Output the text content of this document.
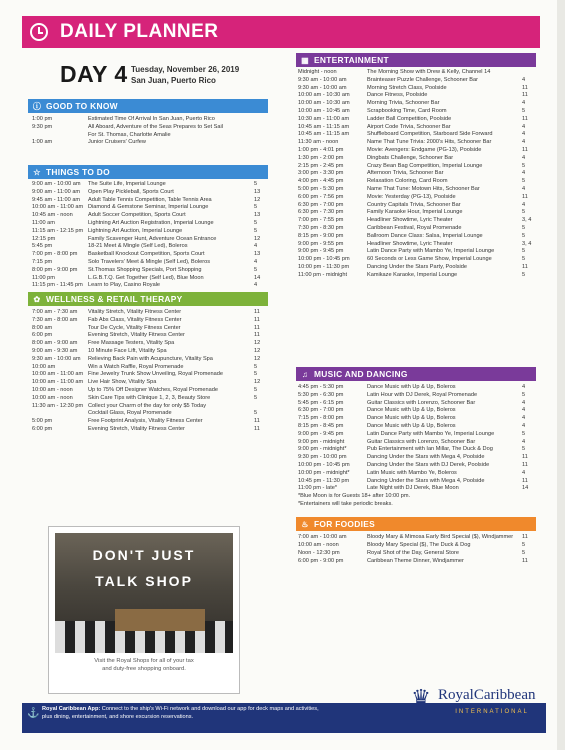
DAILY PLANNER
DAY 4 Tuesday, November 26, 2019
San Juan, Puerto Rico
ⓘ GOOD TO KNOW
1:00 pm	Estimated Time Of Arrival In San Juan, Puerto Rico
9:30 pm	All Aboard, Adventure of the Seas Prepares to Set Sail
For St. Thomas, Charlotte Amalie
1:00 am	Junior Cruisers' Curfew
☆ THINGS TO DO
9:00 am - 10:00 am	The Suite Life, Imperial Lounge	5
9:00 am - 11:00 am	Open Play Pickleball, Sports Court	13
9:45 am - 11:00 am	Adult Table Tennis Competition, Table Tennis Area	12
10:00 am - 11:00 am Diamond & Gemstone Seminar, Imperial Lounge	5
10:45 am - noon	Adult Soccer Competition, Sports Court	13
11:00 am	Lightning Art Auction Registration, Imperial Lounge	5
11:15 am - 12:15 pm Lightning Art Auction, Imperial Lounge	5
12:15 pm	Family Scavenger Hunt, Adventure Ocean Entrance	12
5:45 pm	18-21 Meet & Mingle (Self Led), Boleros	4
7:00 pm - 8:00 pm	Basketball Knockout Competition, Sports Court	13
7:15 pm	Solo Travelers' Meet & Mingle (Self Led), Boleros	4
8:00 pm - 9:00 pm	St.Thomas Shopping Specials, Port Shopping	5
11:00 pm	L.G.B.T.Q. Get Together (Self Led), Blue Moon	14
11:15 pm - 11:45 pm Learn to Play, Casino Royale	4
✿ WELLNESS & RETAIL THERAPY
7:00 am - 7:30 am	Vitality Stretch, Vitality Fitness Center	11
7:30 am - 8:00 am	Fab Abs Class, Vitality Fitness Center	11
8:00 am	Tour De Cycle, Vitality Fitness Center	11
6:00 pm	Evening Stretch, Vitality Fitness Center	11
8:00 am - 9:00 am	Free Massage Testers, Vitality Spa	12
9:00 am - 9:30 am	10 Minute Face Lift, Vitality Spa	12
9:30 am - 10:00 am	Relieving Back Pain with Acupuncture, Vitality Spa	12
10:00 am	Win a Watch Raffle, Royal Promenade	5
10:00 am - 11:00 am Fine Jewelry Trunk Show Unveiling, Royal Promenade	5
10:00 am - 11:00 am Live Hair Show, Vitality Spa	12
10:00 am - noon	Up to 75% Off Designer Watches, Royal Promenade	5
10:00 am - noon	Skin Care Tips with Clinique 1, 2, 3, Beauty Store	5
11:30 am - 12:30 pm Collect your Charm of the day for only $5 Today
Cocktail Glass, Royal Promenade	5
5:00 pm	Free Footprint Analysis, Vitality Fitness Center	11
6:00 pm	Evening Stretch, Vitality Fitness Center	11
DON'T JUST
TALK SHOP
Visit the Royal Shops for all of your tax
and duty-free shopping onboard.
▦ ENTERTAINMENT
Midnight - noon	The Morning Show with Drew & Kelly, Channel 14
9:30 am - 10:00 am	Brainteaser Puzzle Challenge, Schooner Bar	4
9:30 am - 10:00 am	Morning Stretch Class, Poolside	11
10:00 am - 10:30 am	Dance Fitness, Poolside	11
10:00 am - 10:30 am	Morning Trivia, Schooner Bar	4
10:00 am - 10:45 am	Scrapbooking Time, Card Room	5
10:30 am - 11:00 am	Ladder Ball Competition, Poolside	11
10:45 am - 11:15 am	Airport Code Trivia, Schooner Bar	4
10:45 am - 11:15 am	Shuffleboard Competition, Starboard Side Forward	4
11:30 am - noon	Name That Tune Trivia: 2000's Hits, Schooner Bar	4
1:00 pm - 4:01 pm	Movie: Avengers: Endgame (PG-13), Poolside	11
1:30 pm - 2:00 pm	Dingbats Challenge, Schooner Bar	4
2:15 pm - 2:45 pm	Crazy Bean Bag Competition, Imperial Lounge	5
3:00 pm - 3:30 pm	Afternoon Trivia, Schooner Bar	4
4:00 pm - 4:45 pm	Relaxation Coloring, Card Room	5
5:00 pm - 5:30 pm	Name That Tune: Motown Hits, Schooner Bar	4
6:00 pm - 7:56 pm	Movie: Yesterday (PG-13), Poolside	11
6:30 pm - 7:00 pm	Country Capitals Trivia, Schooner Bar	4
6:30 pm - 7:30 pm	Family Karaoke Hour, Imperial Lounge	5
7:00 pm - 7:55 pm	Headliner Showtime, Lyric Theater	3, 4
7:30 pm - 8:30 pm	Caribbean Festival, Royal Promenade	5
8:15 pm - 9:00 pm	Ballroom Dance Class: Salsa, Imperial Lounge	5
9:00 pm - 9:55 pm	Headliner Showtime, Lyric Theater	3, 4
9:00 pm - 9:45 pm	Latin Dance Party with Mambo Ye, Imperial Lounge	5
10:00 pm - 10:45 pm	60 Seconds or Less Game Show, Imperial Lounge	5
10:00 pm - 11:30 pm	Dancing Under the Stars Party, Poolside	11
11:00 pm - midnight	Kamikaze Karaoke, Imperial Lounge	5
♫ MUSIC AND DANCING
4:45 pm - 5:30 pm	Dance Music with Up & Up, Boleros	4
5:30 pm - 6:30 pm	Latin Hour with DJ Derek, Royal Promenade	5
5:45 pm - 6:15 pm	Guitar Classics with Lorenzo, Schooner Bar	4
6:30 pm - 7:00 pm	Dance Music with Up & Up, Boleros	4
7:15 pm - 8:00 pm	Dance Music with Up & Up, Boleros	4
8:15 pm - 8:45 pm	Dance Music with Up & Up, Boleros	4
9:00 pm - 9:45 pm	Latin Dance Party with Mambo Ye, Imperial Lounge	5
9:00 pm - midnight	Guitar Classics with Lorenzo, Schooner Bar	4
9:00 pm - midnight*	Pub Entertainment with Ian Millar, The Duck & Dog	5
9:30 pm - 10:00 pm	Dancing Under the Stars with Mega 4, Poolside	11
10:00 pm - 10:45 pm	Dancing Under the Stars with DJ Derek, Poolside	11
10:00 pm - midnight*	Latin Music with Mambo Ye, Boleros	4
10:45 pm - 11:30 pm	Dancing Under the Stars with Mega 4, Poolside	11
11:00 pm - late*	Late Night with DJ Derek, Blue Moon	14
*Blue Moon is for Guests 18+ after 10:00 pm.
*Entertainers will take periodic breaks.
♨ FOR FOODIES
7:00 am - 10:00 am	Bloody Mary & Mimosa Early Bird Special ($), Windjammer	11
10:00 am - noon	Bloody Mary Special ($), The Duck & Dog	5
Noon - 12:30 pm	Royal Shot of the Day, General Store	5
6:00 pm - 9:00 pm	Caribbean Theme Dinner, Windjammer	11
⚓ Royal Caribbean App: Connect to the ship's Wi-Fi network and download our app for deck maps and activities, plus dining, entertainment, and shore excursion reservations.
♛ RoyalCaribbean
INTERNATIONAL
